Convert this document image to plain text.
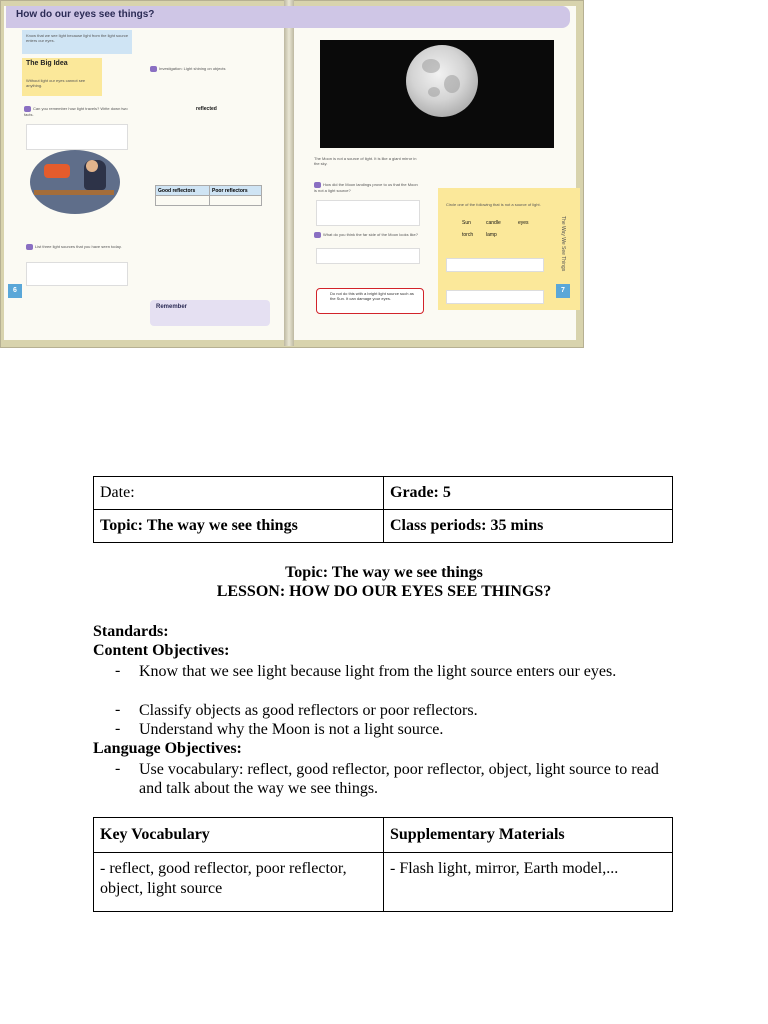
How do our eyes see things?
Know that we see light because light from the light source enters our eyes.
The Big Idea
Without light our eyes cannot see anything.
Can you remember how light travels? Write down two facts.
List three light sources that you have seen today.
6
Investigation: Light shining on objects
reflected
Good reflectors	Poor reflectors

Remember
The Moon is not a source of light. It is like a giant mirror in the sky.
How did the Moon landings prove to us that the Moon is not a light source?
What do you think the far side of the Moon looks like?
Do not do this with a bright light source such as the Sun. It can damage your eyes.
Circle one of the following that is not a source of light.
Sun	candle	eyes
torch	lamp	The Way We See Things
7
Date:	Grade: 5
Topic: The way we see things	Class periods: 35 mins
Topic: The way we see things
LESSON: HOW DO OUR EYES SEE THINGS?
Standards:
Content Objectives:
- Know that we see light because light from the light source enters our eyes.
- Classify objects as good reflectors or poor reflectors.
- Understand why the Moon is not a light source.
Language Objectives:
- Use vocabulary: reflect, good reflector, poor reflector, object, light source to read and talk about the way we see things.
Key Vocabulary	Supplementary Materials
- reflect, good reflector, poor reflector, object, light source	- Flash light, mirror, Earth model,...
